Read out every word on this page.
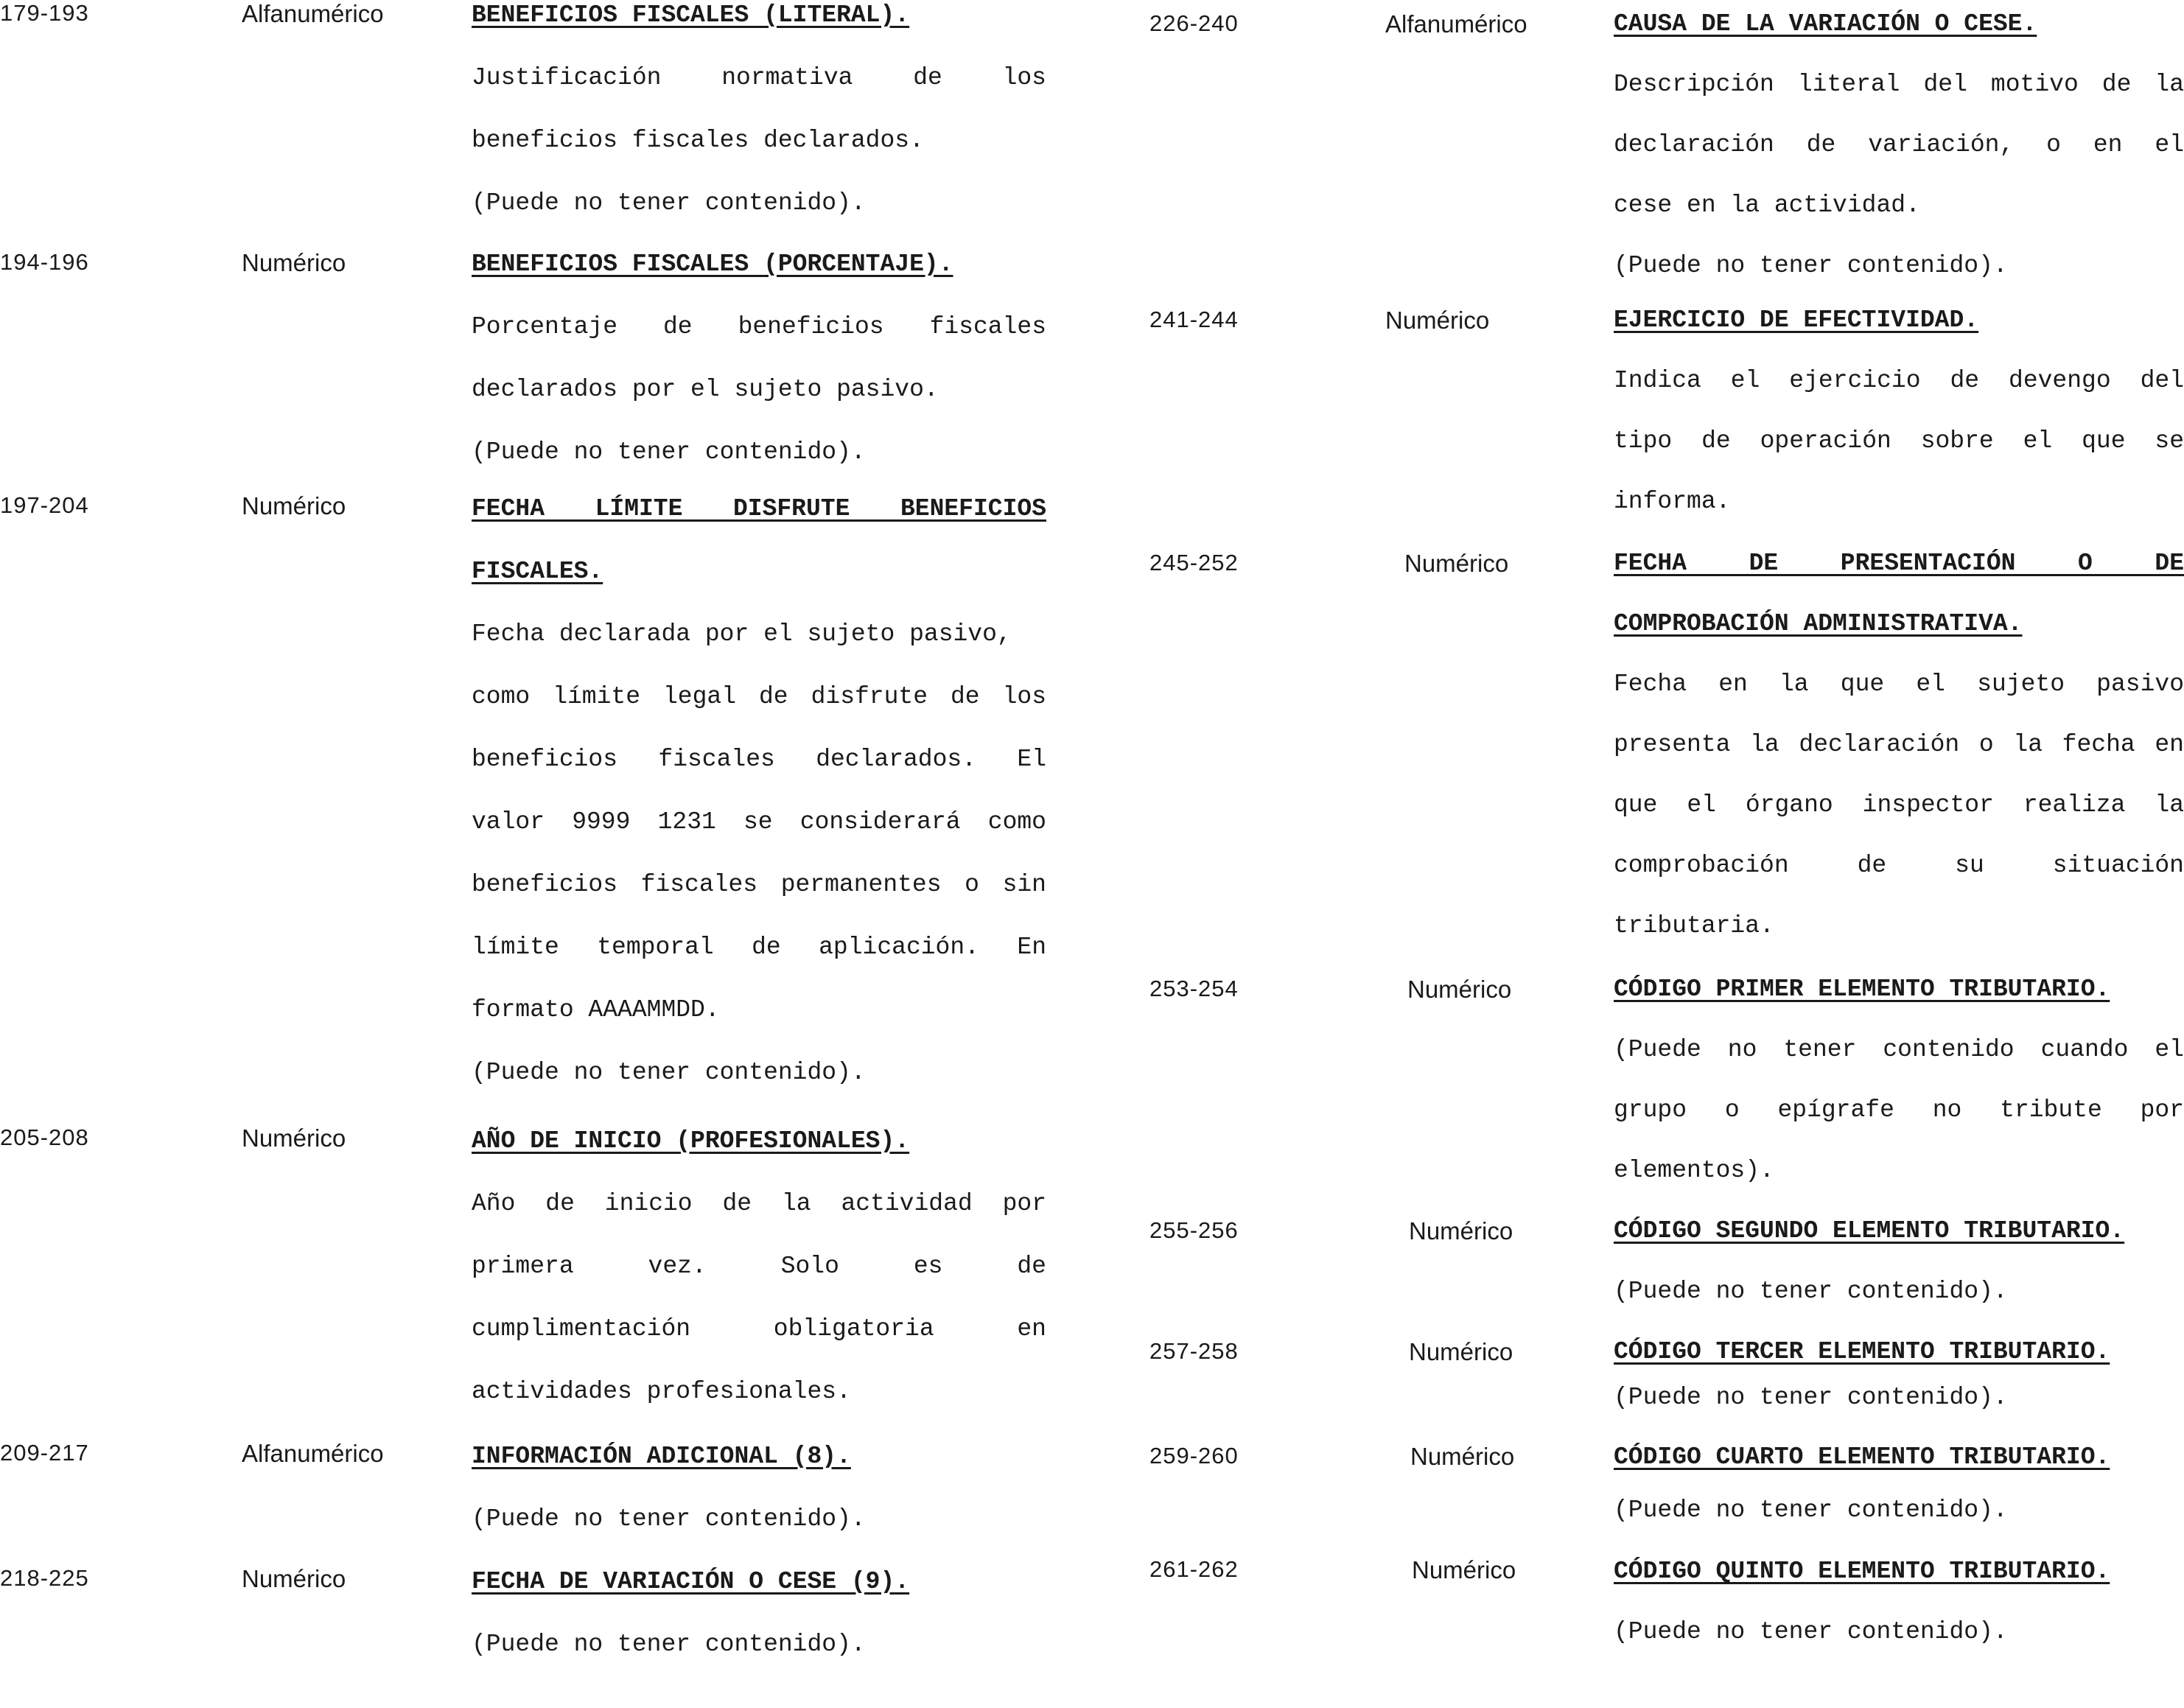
179-193	Alfanumérico	BENEFICIOS FISCALES (LITERAL).
Justificación normativa de los
beneficios fiscales declarados.
(Puede no tener contenido).
194-196	Numérico	BENEFICIOS FISCALES (PORCENTAJE).
Porcentaje de beneficios fiscales
declarados por el sujeto pasivo.
(Puede no tener contenido).
197-204	Numérico	FECHA LÍMITE DISFRUTE BENEFICIOS
FISCALES.
Fecha declarada por el sujeto pasivo,
como límite legal de disfrute de los
beneficios fiscales declarados. El
valor 9999 1231 se considerará como
beneficios fiscales permanentes o sin
límite temporal de aplicación. En
formato AAAAMMDD.
(Puede no tener contenido).
205-208	Numérico	AÑO DE INICIO (PROFESIONALES).
Año de inicio de la actividad por
primera vez. Solo es de
cumplimentación obligatoria en
actividades profesionales.
209-217	Alfanumérico	INFORMACIÓN ADICIONAL (8).
(Puede no tener contenido).
218-225	Numérico	FECHA DE VARIACIÓN O CESE (9).
(Puede no tener contenido).
226-240	Alfanumérico	CAUSA DE LA VARIACIÓN O CESE.
Descripción literal del motivo de la
declaración de variación, o en el
cese en la actividad.
(Puede no tener contenido).
241-244	Numérico	EJERCICIO DE EFECTIVIDAD.
Indica el ejercicio de devengo del
tipo de operación sobre el que se
informa.
245-252	Numérico	FECHA DE PRESENTACIÓN O DE
COMPROBACIÓN ADMINISTRATIVA.
Fecha en la que el sujeto pasivo
presenta la declaración o la fecha en
que el órgano inspector realiza la
comprobación de su situación
tributaria.
253-254	Numérico	CÓDIGO PRIMER ELEMENTO TRIBUTARIO.
(Puede no tener contenido cuando el
grupo o epígrafe no tribute por
elementos).
255-256	Numérico	CÓDIGO SEGUNDO ELEMENTO TRIBUTARIO.
(Puede no tener contenido).
257-258	Numérico	CÓDIGO TERCER ELEMENTO TRIBUTARIO.
(Puede no tener contenido).
259-260	Numérico	CÓDIGO CUARTO ELEMENTO TRIBUTARIO.
(Puede no tener contenido).
261-262	Numérico	CÓDIGO QUINTO ELEMENTO TRIBUTARIO.
(Puede no tener contenido).
